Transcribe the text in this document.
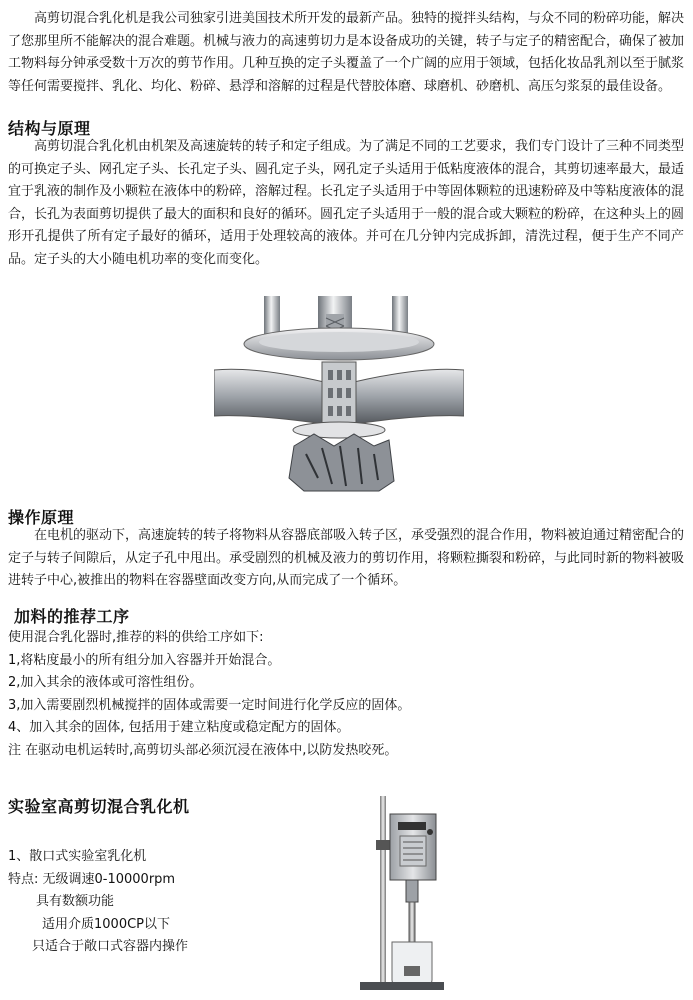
高剪切混合乳化机是我公司独家引进美国技术所开发的最新产品。独特的搅拌头结构，与众不同的粉碎功能，解决了您那里所不能解决的混合难题。机械与液力的高速剪切力是本设备成功的关键，转子与定子的精密配合，确保了被加工物料每分钟承受数十万次的剪节作用。几种互换的定子头覆盖了一个广阔的应用于领域，包括化妆品乳剂以至于腻浆等任何需要搅拌、乳化、均化、粉碎、悬浮和溶解的过程是代替胶体磨、球磨机、砂磨机、高压匀浆泵的最佳设备。

结构与原理

高剪切混合乳化机由机架及高速旋转的转子和定子组成。为了满足不同的工艺要求，我们专门设计了三种不同类型的可换定子头、网孔定子头、长孔定子头、圆孔定子头，网孔定子头适用于低粘度液体的混合，其剪切速率最大，最适宜于乳液的制作及小颗粒在液体中的粉碎，溶解过程。长孔定子头适用于中等固体颗粒的迅速粉碎及中等粘度液体的混合，长孔为表面剪切提供了最大的面积和良好的循环。圆孔定子头适用于一般的混合或大颗粒的粉碎，在这种头上的圆形开孔提供了所有定子最好的循环，适用于处理较高的液体。并可在几分钟内完成拆卸，清洗过程，便于生产不同产品。定子头的大小随电机功率的变化而变化。

操作原理

在电机的驱动下，高速旋转的转子将物料从容器底部吸入转子区，承受强烈的混合作用，物料被迫通过精密配合的定子与转子间隙后，从定子孔中甩出。承受剧烈的机械及液力的剪切作用，将颗粒撕裂和粉碎，与此同时新的物料被吸进转子中心,被推出的物料在容器壁面改变方向,从而完成了一个循环。

加料的推荐工序
使用混合乳化器时,推荐的料的供给工序如下:
1,将粘度最小的所有组分加入容器并开始混合。
2,加入其余的液体或可溶性组份。
3,加入需要剧烈机械搅拌的固体或需要一定时间进行化学反应的固体。
4、加入其余的固体, 包括用于建立粘度或稳定配方的固体。
注 在驱动电机运转时,高剪切头部必须沉浸在液体中,以防发热咬死。
实验室高剪切混合乳化机
1、散口式实验室乳化机
特点: 无级调速0-10000rpm
具有数额功能
适用介质1000CP以下
只适合于敞口式容器内操作
